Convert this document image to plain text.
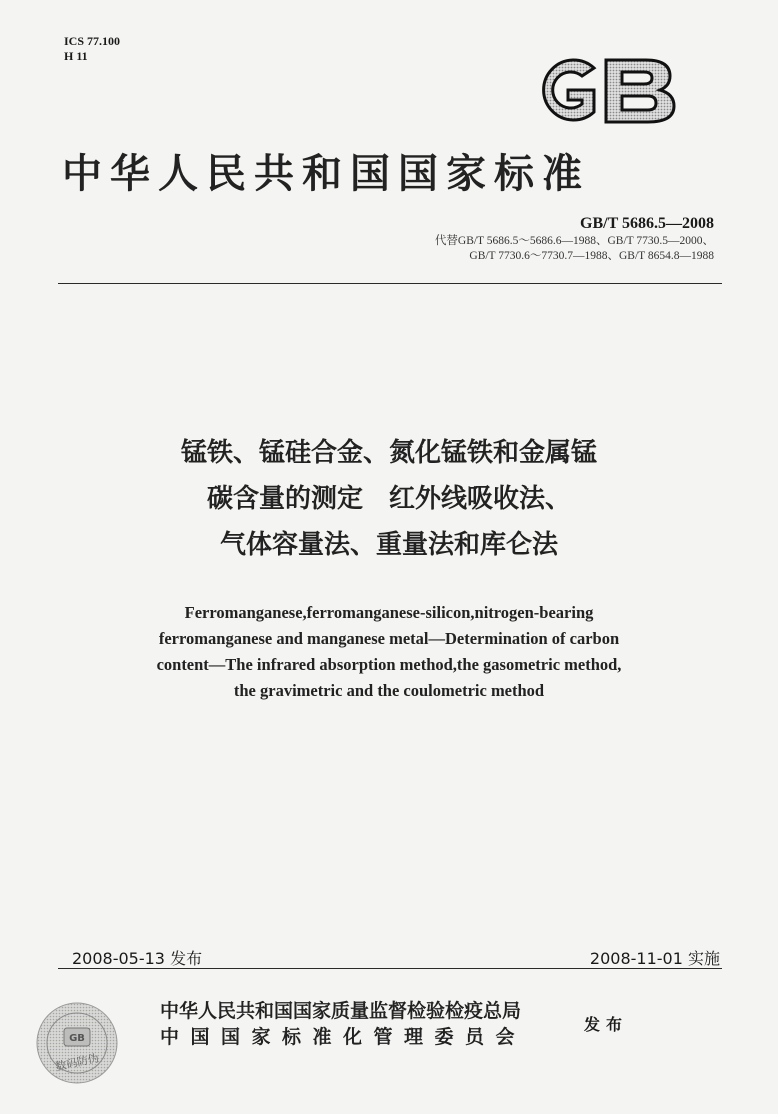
ICS 77.100
H 11
中华人民共和国国家标准
GB/T 5686.5—2008
代替GB/T 5686.5～5686.6—1988、GB/T 7730.5—2000、
GB/T 7730.6～7730.7—1988、GB/T 8654.8—1988
锰铁、锰硅合金、氮化锰铁和金属锰
碳含量的测定　红外线吸收法、
气体容量法、重量法和库仑法
Ferromanganese,ferromanganese-silicon,nitrogen-bearing
ferromanganese and manganese metal—Determination of carbon
content—The infrared absorption method,the gasometric method,
the gravimetric and the coulometric method
2008-05-13 发布	2008-11-01 实施
中华人民共和国国家质量监督检验检疫总局
中国国家标准化管理委员会
发布
GB
数码防伪
